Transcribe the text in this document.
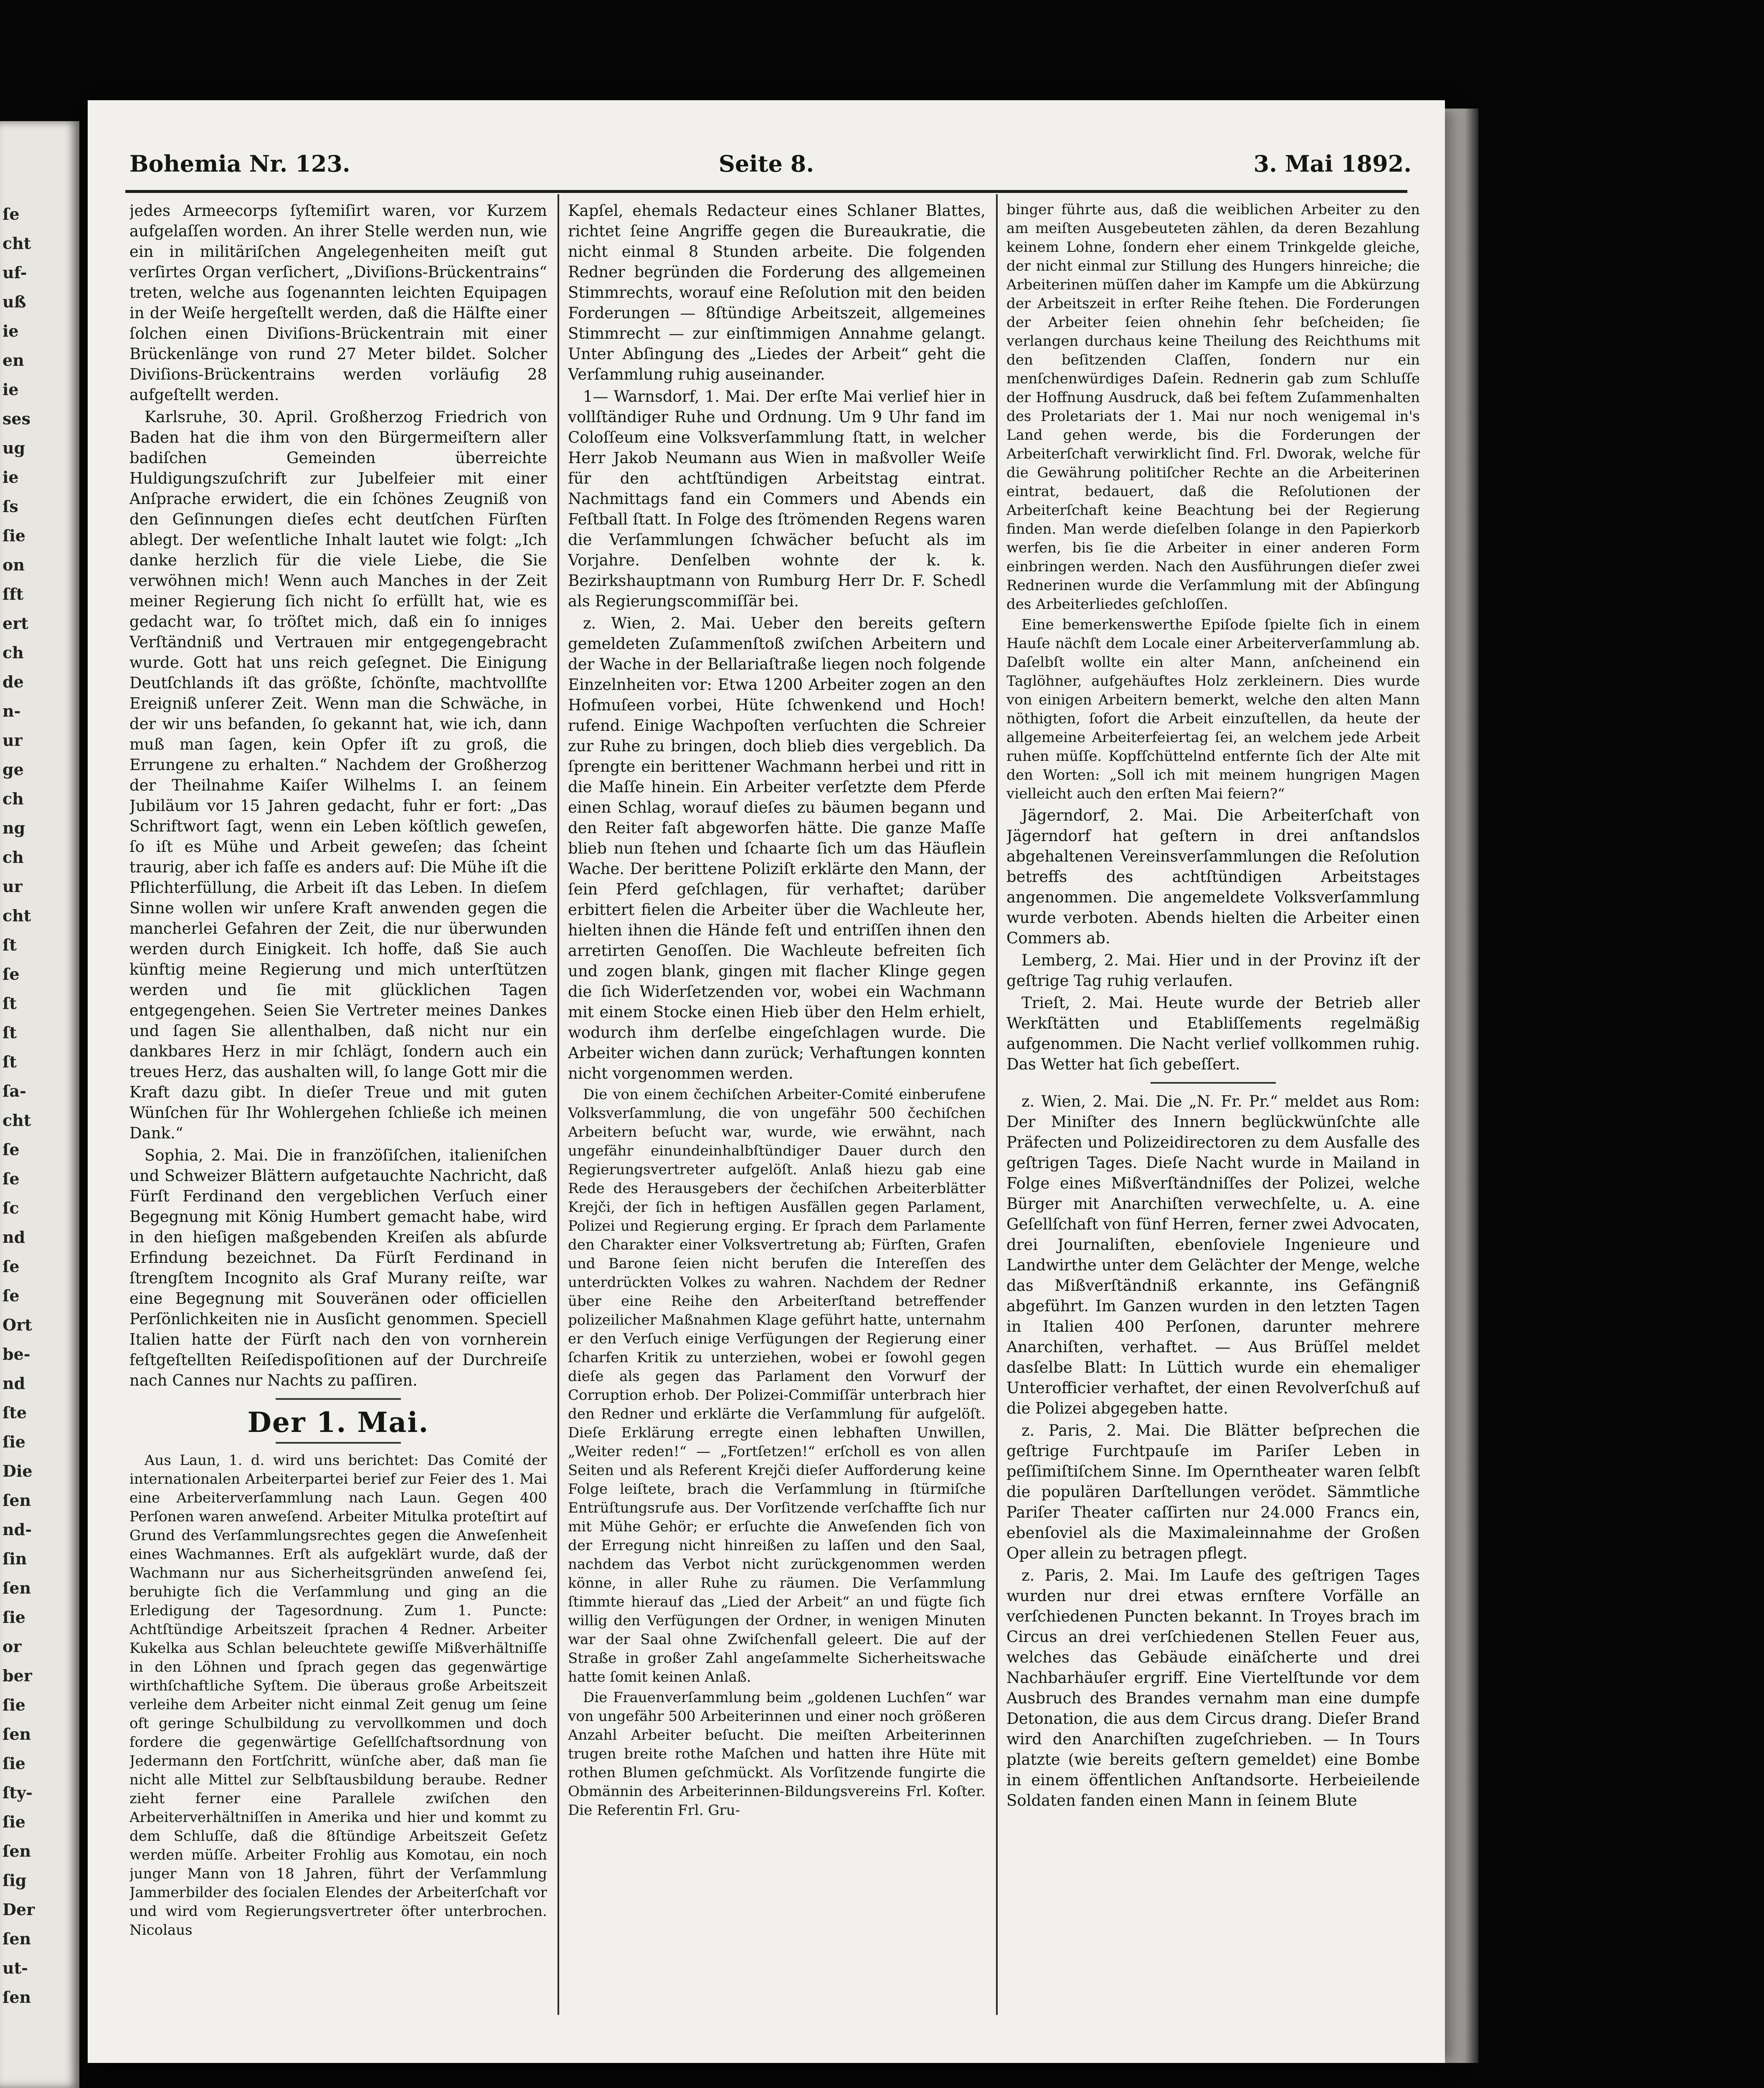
ſe
cht
uf-
uß
ie
en
ie
ses
ug
ie
ſs
ſie
on
ſft
ert
ch
de
n-
ur
ge
ch
ng
ch
ur
cht
ſt
ſe
ſt
ſt
ſt
ſa-
cht
ſe
ſe
ſc
nd
ſe
ſe
Ort
be-
nd
ſte
ſie
Die
ſen
nd-
ſin
ſen
ſie
or
ber
ſie
ſen
ſie
ſty-
ſie
ſen
ſig
Der
ſen
ut-
ſen
Bohemia Nr. 123.	Seite 8.	3. Mai 1892.

jedes Armeecorps ſyſtemiſirt waren, vor Kurzem aufgelaſſen worden. An ihrer Stelle werden nun, wie ein in militäriſchen Angelegenheiten meiſt gut verſirtes Organ verſichert, „Diviſions-Brückentrains“ treten, welche aus ſogenannten leichten Equipagen in der Weiſe hergeſtellt werden, daß die Hälfte einer ſolchen einen Diviſions-Brückentrain mit einer Brückenlänge von rund 27 Meter bildet. Solcher Diviſions-Brückentrains werden vorläufig 28 aufgeſtellt werden.

Karlsruhe, 30. April. Großherzog Friedrich von Baden hat die ihm von den Bürgermeiſtern aller badiſchen Gemeinden überreichte Huldigungszuſchrift zur Jubelfeier mit einer Anſprache erwidert, die ein ſchönes Zeugniß von den Geſinnungen dieſes echt deutſchen Fürſten ablegt. Der weſentliche Inhalt lautet wie folgt: „Ich danke herzlich für die viele Liebe, die Sie verwöhnen mich! Wenn auch Manches in der Zeit meiner Regierung ſich nicht ſo erfüllt hat, wie es gedacht war, ſo tröſtet mich, daß ein ſo inniges Verſtändniß und Vertrauen mir entgegengebracht wurde. Gott hat uns reich geſegnet. Die Einigung Deutſchlands iſt das größte, ſchönſte, machtvollſte Ereigniß unſerer Zeit. Wenn man die Schwäche, in der wir uns befanden, ſo gekannt hat, wie ich, dann muß man ſagen, kein Opfer iſt zu groß, die Errungene zu erhalten.“ Nachdem der Großherzog der Theilnahme Kaiſer Wilhelms I. an ſeinem Jubiläum vor 15 Jahren gedacht, fuhr er fort: „Das Schriftwort ſagt, wenn ein Leben köſtlich geweſen, ſo iſt es Mühe und Arbeit geweſen; das ſcheint traurig, aber ich faſſe es anders auf: Die Mühe iſt die Pflichterfüllung, die Arbeit iſt das Leben. In dieſem Sinne wollen wir unſere Kraft anwenden gegen die mancherlei Gefahren der Zeit, die nur überwunden werden durch Einigkeit. Ich hoffe, daß Sie auch künftig meine Regierung und mich unterſtützen werden und ſie mit glücklichen Tagen entgegengehen. Seien Sie Vertreter meines Dankes und ſagen Sie allenthalben, daß nicht nur ein dankbares Herz in mir ſchlägt, ſondern auch ein treues Herz, das aushalten will, ſo lange Gott mir die Kraft dazu gibt. In dieſer Treue und mit guten Wünſchen für Ihr Wohlergehen ſchließe ich meinen Dank.“

Sophia, 2. Mai. Die in franzöſiſchen, italieniſchen und Schweizer Blättern aufgetauchte Nachricht, daß Fürſt Ferdinand den vergeblichen Verſuch einer Begegnung mit König Humbert gemacht habe, wird in den hieſigen maßgebenden Kreiſen als abſurde Erfindung bezeichnet. Da Fürſt Ferdinand in ſtrengſtem Incognito als Graf Murany reiſte, war eine Begegnung mit Souveränen oder officiellen Perſönlichkeiten nie in Ausſicht genommen. Speciell Italien hatte der Fürſt nach den von vornherein feſtgeſtellten Reiſedispoſitionen auf der Durchreiſe nach Cannes nur Nachts zu paſſiren.

Der 1. Mai.

Aus Laun, 1. d. wird uns berichtet: Das Comité der internationalen Arbeiterpartei berief zur Feier des 1. Mai eine Arbeiterverſammlung nach Laun. Gegen 400 Perſonen waren anweſend. Arbeiter Mitulka proteſtirt auf Grund des Verſammlungsrechtes gegen die Anweſenheit eines Wachmannes. Erſt als aufgeklärt wurde, daß der Wachmann nur aus Sicherheitsgründen anweſend ſei, beruhigte ſich die Verſammlung und ging an die Erledigung der Tagesordnung. Zum 1. Puncte: Achtſtündige Arbeitszeit ſprachen 4 Redner. Arbeiter Kukelka aus Schlan beleuchtete gewiſſe Mißverhältniſſe in den Löhnen und ſprach gegen das gegenwärtige wirthſchaftliche Syſtem. Die überaus große Arbeitszeit verleihe dem Arbeiter nicht einmal Zeit genug um ſeine oft geringe Schulbildung zu vervollkommen und doch fordere die gegenwärtige Geſellſchaftsordnung von Jedermann den Fortſchritt, wünſche aber, daß man ſie nicht alle Mittel zur Selbſtausbildung beraube. Redner zieht ferner eine Parallele zwiſchen den Arbeiterverhältniſſen in Amerika und hier und kommt zu dem Schluſſe, daß die 8ſtündige Arbeitszeit Geſetz werden müſſe. Arbeiter Frohlig aus Komotau, ein noch junger Mann von 18 Jahren, führt der Verſammlung Jammerbilder des ſocialen Elendes der Arbeiterſchaft vor und wird vom Regierungsvertreter öfter unterbrochen. Nicolaus

Kapſel, ehemals Redacteur eines Schlaner Blattes, richtet ſeine Angriffe gegen die Bureaukratie, die nicht einmal 8 Stunden arbeite. Die folgenden Redner begründen die Forderung des allgemeinen Stimmrechts, worauf eine Reſolution mit den beiden Forderungen — 8ſtündige Arbeitszeit, allgemeines Stimmrecht — zur einſtimmigen Annahme gelangt. Unter Abſingung des „Liedes der Arbeit“ geht die Verſammlung ruhig auseinander.

1— Warnsdorf, 1. Mai. Der erſte Mai verlief hier in vollſtändiger Ruhe und Ordnung. Um 9 Uhr fand im Coloſſeum eine Volksverſammlung ſtatt, in welcher Herr Jakob Neumann aus Wien in maßvoller Weiſe für den achtſtündigen Arbeitstag eintrat. Nachmittags fand ein Commers und Abends ein Feſtball ſtatt. In Folge des ſtrömenden Regens waren die Verſammlungen ſchwächer beſucht als im Vorjahre. Denſelben wohnte der k. k. Bezirkshauptmann von Rumburg Herr Dr. F. Schedl als Regierungscommiſſär bei.

z. Wien, 2. Mai. Ueber den bereits geſtern gemeldeten Zuſammenſtoß zwiſchen Arbeitern und der Wache in der Bellariaſtraße liegen noch folgende Einzelnheiten vor: Etwa 1200 Arbeiter zogen an den Hofmuſeen vorbei, Hüte ſchwenkend und Hoch! rufend. Einige Wachpoſten verſuchten die Schreier zur Ruhe zu bringen, doch blieb dies vergeblich. Da ſprengte ein berittener Wachmann herbei und ritt in die Maſſe hinein. Ein Arbeiter verſetzte dem Pferde einen Schlag, worauf dieſes zu bäumen begann und den Reiter faſt abgeworfen hätte. Die ganze Maſſe blieb nun ſtehen und ſchaarte ſich um das Häuflein Wache. Der berittene Poliziſt erklärte den Mann, der ſein Pferd geſchlagen, für verhaftet; darüber erbittert fielen die Arbeiter über die Wachleute her, hielten ihnen die Hände feſt und entriſſen ihnen den arretirten Genoſſen. Die Wachleute befreiten ſich und zogen blank, gingen mit flacher Klinge gegen die ſich Widerſetzenden vor, wobei ein Wachmann mit einem Stocke einen Hieb über den Helm erhielt, wodurch ihm derſelbe eingeſchlagen wurde. Die Arbeiter wichen dann zurück; Verhaftungen konnten nicht vorgenommen werden.

Die von einem čechiſchen Arbeiter-Comité einberufene Volksverſammlung, die von ungefähr 500 čechiſchen Arbeitern beſucht war, wurde, wie erwähnt, nach ungefähr einundeinhalbſtündiger Dauer durch den Regierungsvertreter aufgelöſt. Anlaß hiezu gab eine Rede des Herausgebers der čechiſchen Arbeiterblätter Krejči, der ſich in heftigen Ausfällen gegen Parlament, Polizei und Regierung erging. Er ſprach dem Parlamente den Charakter einer Volksvertretung ab; Fürſten, Grafen und Barone ſeien nicht berufen die Intereſſen des unterdrückten Volkes zu wahren. Nachdem der Redner über eine Reihe den Arbeiterſtand betreffender polizeilicher Maßnahmen Klage geführt hatte, unternahm er den Verſuch einige Verfügungen der Regierung einer ſcharfen Kritik zu unterziehen, wobei er ſowohl gegen dieſe als gegen das Parlament den Vorwurf der Corruption erhob. Der Polizei-Commiſſär unterbrach hier den Redner und erklärte die Verſammlung für aufgelöſt. Dieſe Erklärung erregte einen lebhaften Unwillen, „Weiter reden!“ — „Fortſetzen!“ erſcholl es von allen Seiten und als Referent Krejči dieſer Aufforderung keine Folge leiſtete, brach die Verſammlung in ſtürmiſche Entrüſtungsrufe aus. Der Vorſitzende verſchaffte ſich nur mit Mühe Gehör; er erſuchte die Anweſenden ſich von der Erregung nicht hinreißen zu laſſen und den Saal, nachdem das Verbot nicht zurückgenommen werden könne, in aller Ruhe zu räumen. Die Verſammlung ſtimmte hierauf das „Lied der Arbeit“ an und fügte ſich willig den Verfügungen der Ordner, in wenigen Minuten war der Saal ohne Zwiſchenfall geleert. Die auf der Straße in großer Zahl angeſammelte Sicherheitswache hatte ſomit keinen Anlaß.

Die Frauenverſammlung beim „goldenen Luchſen“ war von ungefähr 500 Arbeiterinnen und einer noch größeren Anzahl Arbeiter beſucht. Die meiſten Arbeiterinnen trugen breite rothe Maſchen und hatten ihre Hüte mit rothen Blumen geſchmückt. Als Vorſitzende fungirte die Obmännin des Arbeiterinnen-Bildungsvereins Frl. Koſter. Die Referentin Frl. Gru-

binger führte aus, daß die weiblichen Arbeiter zu den am meiſten Ausgebeuteten zählen, da deren Bezahlung keinem Lohne, ſondern eher einem Trinkgelde gleiche, der nicht einmal zur Stillung des Hungers hinreiche; die Arbeiterinen müſſen daher im Kampfe um die Abkürzung der Arbeitszeit in erſter Reihe ſtehen. Die Forderungen der Arbeiter ſeien ohnehin ſehr beſcheiden; ſie verlangen durchaus keine Theilung des Reichthums mit den beſitzenden Claſſen, ſondern nur ein menſchenwürdiges Daſein. Rednerin gab zum Schluſſe der Hoffnung Ausdruck, daß bei feſtem Zuſammenhalten des Proletariats der 1. Mai nur noch wenigemal in's Land gehen werde, bis die Forderungen der Arbeiterſchaft verwirklicht ſind. Frl. Dworak, welche für die Gewährung politiſcher Rechte an die Arbeiterinen eintrat, bedauert, daß die Reſolutionen der Arbeiterſchaft keine Beachtung bei der Regierung finden. Man werde dieſelben ſolange in den Papierkorb werfen, bis ſie die Arbeiter in einer anderen Form einbringen werden. Nach den Ausführungen dieſer zwei Rednerinen wurde die Verſammlung mit der Abſingung des Arbeiterliedes geſchloſſen.

Eine bemerkenswerthe Epiſode ſpielte ſich in einem Hauſe nächſt dem Locale einer Arbeiterverſammlung ab. Daſelbſt wollte ein alter Mann, anſcheinend ein Taglöhner, aufgehäuftes Holz zerkleinern. Dies wurde von einigen Arbeitern bemerkt, welche den alten Mann nöthigten, ſofort die Arbeit einzuſtellen, da heute der allgemeine Arbeiterfeiertag ſei, an welchem jede Arbeit ruhen müſſe. Kopfſchüttelnd entfernte ſich der Alte mit den Worten: „Soll ich mit meinem hungrigen Magen vielleicht auch den erſten Mai feiern?“

Jägerndorf, 2. Mai. Die Arbeiterſchaft von Jägerndorf hat geſtern in drei anſtandslos abgehaltenen Vereinsverſammlungen die Reſolution betreffs des achtſtündigen Arbeitstages angenommen. Die angemeldete Volksverſammlung wurde verboten. Abends hielten die Arbeiter einen Commers ab.

Lemberg, 2. Mai. Hier und in der Provinz iſt der geſtrige Tag ruhig verlaufen.

Trieſt, 2. Mai. Heute wurde der Betrieb aller Werkſtätten und Etabliſſements regelmäßig aufgenommen. Die Nacht verlief vollkommen ruhig. Das Wetter hat ſich gebeſſert.

z. Wien, 2. Mai. Die „N. Fr. Pr.“ meldet aus Rom: Der Miniſter des Innern beglückwünſchte alle Präfecten und Polizeidirectoren zu dem Ausfalle des geſtrigen Tages. Dieſe Nacht wurde in Mailand in Folge eines Mißverſtändniſſes der Polizei, welche Bürger mit Anarchiſten verwechſelte, u. A. eine Geſellſchaft von fünf Herren, ferner zwei Advocaten, drei Journaliſten, ebenſoviele Ingenieure und Landwirthe unter dem Gelächter der Menge, welche das Mißverſtändniß erkannte, ins Gefängniß abgeführt. Im Ganzen wurden in den letzten Tagen in Italien 400 Perſonen, darunter mehrere Anarchiſten, verhaftet. — Aus Brüſſel meldet dasſelbe Blatt: In Lüttich wurde ein ehemaliger Unterofficier verhaftet, der einen Revolverſchuß auf die Polizei abgegeben hatte.

z. Paris, 2. Mai. Die Blätter beſprechen die geſtrige Furchtpauſe im Pariſer Leben in peſſimiſtiſchem Sinne. Im Operntheater waren ſelbſt die populären Darſtellungen verödet. Sämmtliche Pariſer Theater caſſirten nur 24.000 Francs ein, ebenſoviel als die Maximaleinnahme der Großen Oper allein zu betragen pflegt.

z. Paris, 2. Mai. Im Laufe des geſtrigen Tages wurden nur drei etwas ernſtere Vorfälle an verſchiedenen Puncten bekannt. In Troyes brach im Circus an drei verſchiedenen Stellen Feuer aus, welches das Gebäude einäſcherte und drei Nachbarhäuſer ergriff. Eine Viertelſtunde vor dem Ausbruch des Brandes vernahm man eine dumpfe Detonation, die aus dem Circus drang. Dieſer Brand wird den Anarchiſten zugeſchrieben. — In Tours platzte (wie bereits geſtern gemeldet) eine Bombe in einem öffentlichen Anſtandsorte. Herbeieilende Soldaten fanden einen Mann in ſeinem Blute
